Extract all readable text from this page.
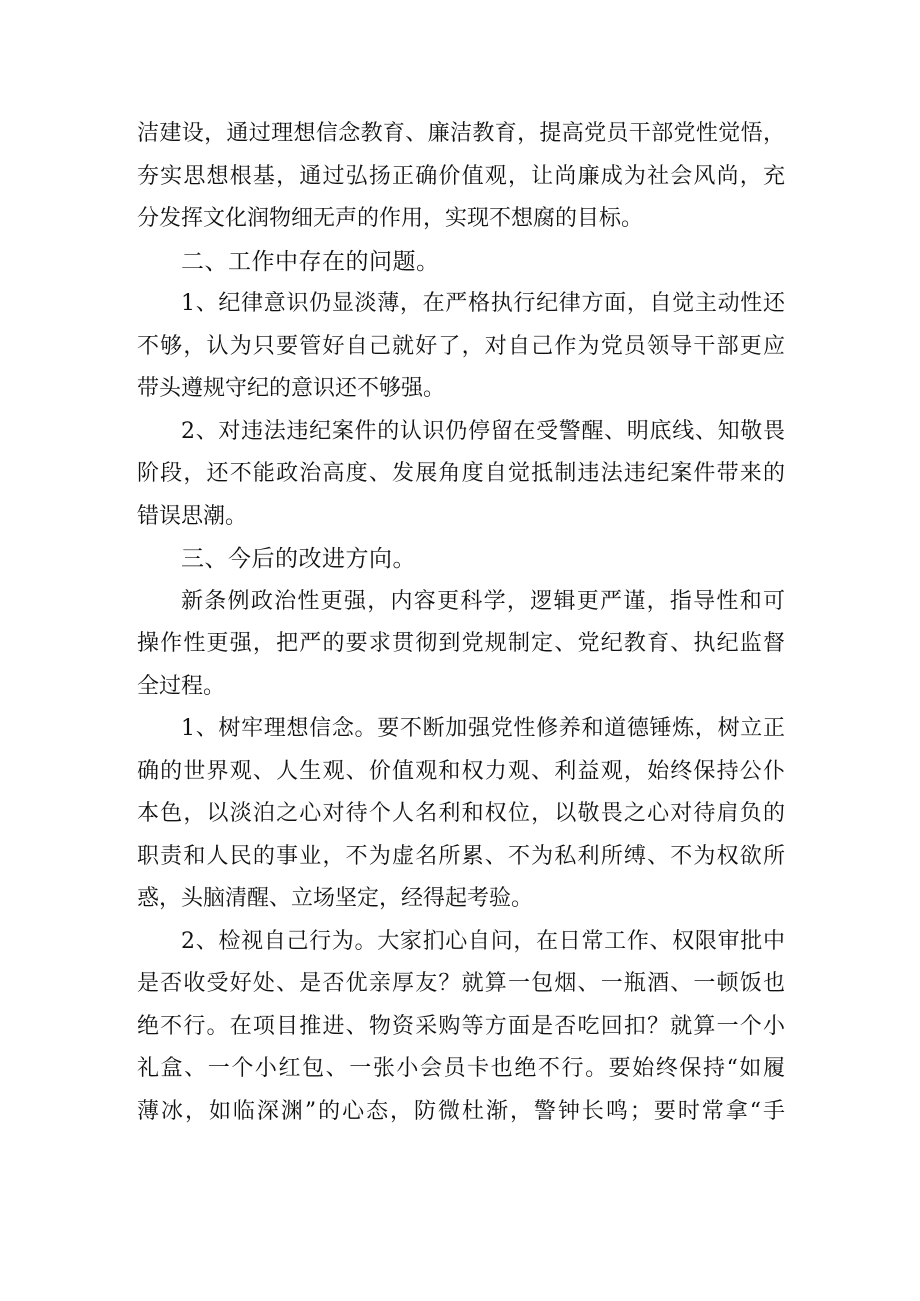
洁建设，通过理想信念教育、廉洁教育，提高党员干部党性觉悟，
夯实思想根基，通过弘扬正确价值观，让尚廉成为社会风尚，充
分发挥文化润物细无声的作用，实现不想腐的目标。
二、工作中存在的问题。
1、纪律意识仍显淡薄，在严格执行纪律方面，自觉主动性还
不够，认为只要管好自己就好了，对自己作为党员领导干部更应
带头遵规守纪的意识还不够强。
2、对违法违纪案件的认识仍停留在受警醒、明底线、知敬畏
阶段，还不能政治高度、发展角度自觉抵制违法违纪案件带来的
错误思潮。
三、今后的改进方向。
新条例政治性更强，内容更科学，逻辑更严谨，指导性和可
操作性更强，把严的要求贯彻到党规制定、党纪教育、执纪监督
全过程。
1、树牢理想信念。要不断加强党性修养和道德锤炼，树立正
确的世界观、人生观、价值观和权力观、利益观，始终保持公仆
本色，以淡泊之心对待个人名利和权位，以敬畏之心对待肩负的
职责和人民的事业，不为虚名所累、不为私利所缚、不为权欲所
惑，头脑清醒、立场坚定，经得起考验。
2、检视自己行为。大家扪心自问，在日常工作、权限审批中
是否收受好处、是否优亲厚友？就算一包烟、一瓶酒、一顿饭也
绝不行。在项目推进、物资采购等方面是否吃回扣？就算一个小
礼盒、一个小红包、一张小会员卡也绝不行。要始终保持“如履
薄冰，如临深渊”的心态，防微杜渐，警钟长鸣；要时常拿“手
